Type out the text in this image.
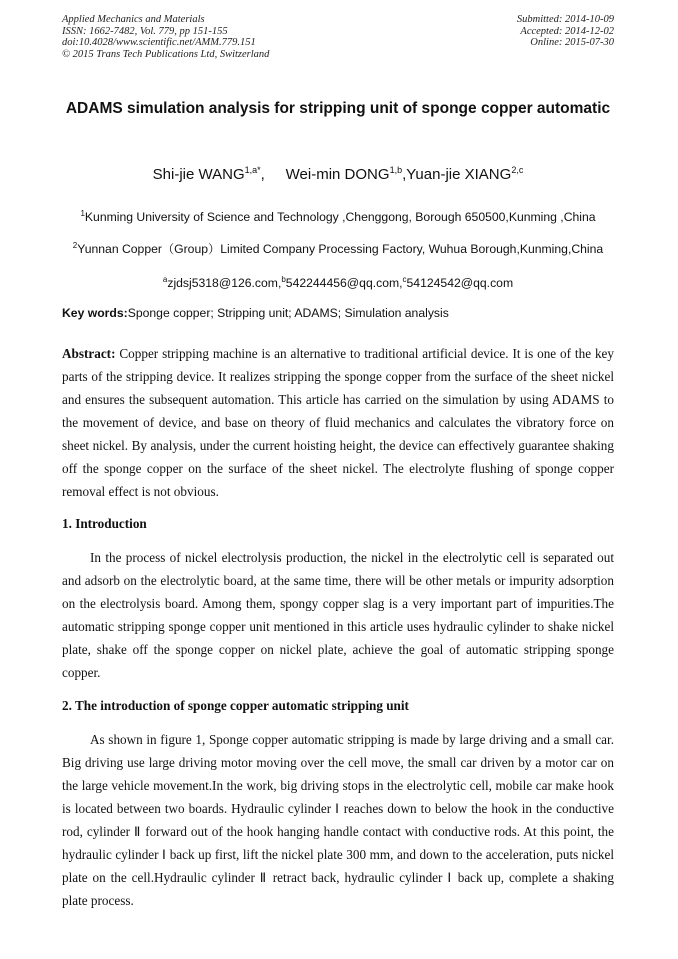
Applied Mechanics and Materials
ISSN: 1662-7482, Vol. 779, pp 151-155
doi:10.4028/www.scientific.net/AMM.779.151
© 2015 Trans Tech Publications Ltd, Switzerland
Submitted: 2014-10-09
Accepted: 2014-12-02
Online: 2015-07-30
ADAMS simulation analysis for stripping unit of sponge copper automatic
Shi-jie $WANG^{1,a*}$, Wei-min DONG$^{1,b}$,Yuan-jie XIANG$^{2,c}$
$^1$Kunming University of Science and Technology ,Chenggong, Borough 650500,Kunming ,China
$^2$Yunnan Copper（Group）Limited Company Processing Factory, Wuhua Borough,Kunming,China
$^a$zjdsj5318@126.com,$^b$542244456@qq.com,$^c$54124542@qq.com
Key words:Sponge copper; Stripping unit; ADAMS; Simulation analysis
Abstract: Copper stripping machine is an alternative to traditional artificial device. It is one of the key parts of the stripping device. It realizes stripping the sponge copper from the surface of the sheet nickel and ensures the subsequent automation. This article has carried on the simulation by using ADAMS to the movement of device, and base on theory of fluid mechanics and calculates the vibratory force on sheet nickel. By analysis, under the current hoisting height, the device can effectively guarantee shaking off the sponge copper on the surface of the sheet nickel. The electrolyte flushing of sponge copper removal effect is not obvious.
1. Introduction
In the process of nickel electrolysis production, the nickel in the electrolytic cell is separated out and adsorb on the electrolytic board, at the same time, there will be other metals or impurity adsorption on the electrolysis board. Among them, spongy copper slag is a very important part of impurities.The automatic stripping sponge copper unit mentioned in this article uses hydraulic cylinder to shake nickel plate, shake off the sponge copper on nickel plate, achieve the goal of automatic stripping sponge copper.
2. The introduction of sponge copper automatic stripping unit
As shown in figure 1, Sponge copper automatic stripping is made by large driving and a small car. Big driving use large driving motor moving over the cell move, the small car driven by a motor car on the large vehicle movement.In the work, big driving stops in the electrolytic cell, mobile car make hook is located between two boards. Hydraulic cylinder Ⅰ reaches down to below the hook in the conductive rod, cylinder Ⅱ forward out of the hook hanging handle contact with conductive rods. At this point, the hydraulic cylinder Ⅰ back up first, lift the nickel plate 300 mm, and down to the acceleration, puts nickel plate on the cell.Hydraulic cylinder Ⅱ retract back, hydraulic cylinder Ⅰ back up, complete a shaking plate process.
